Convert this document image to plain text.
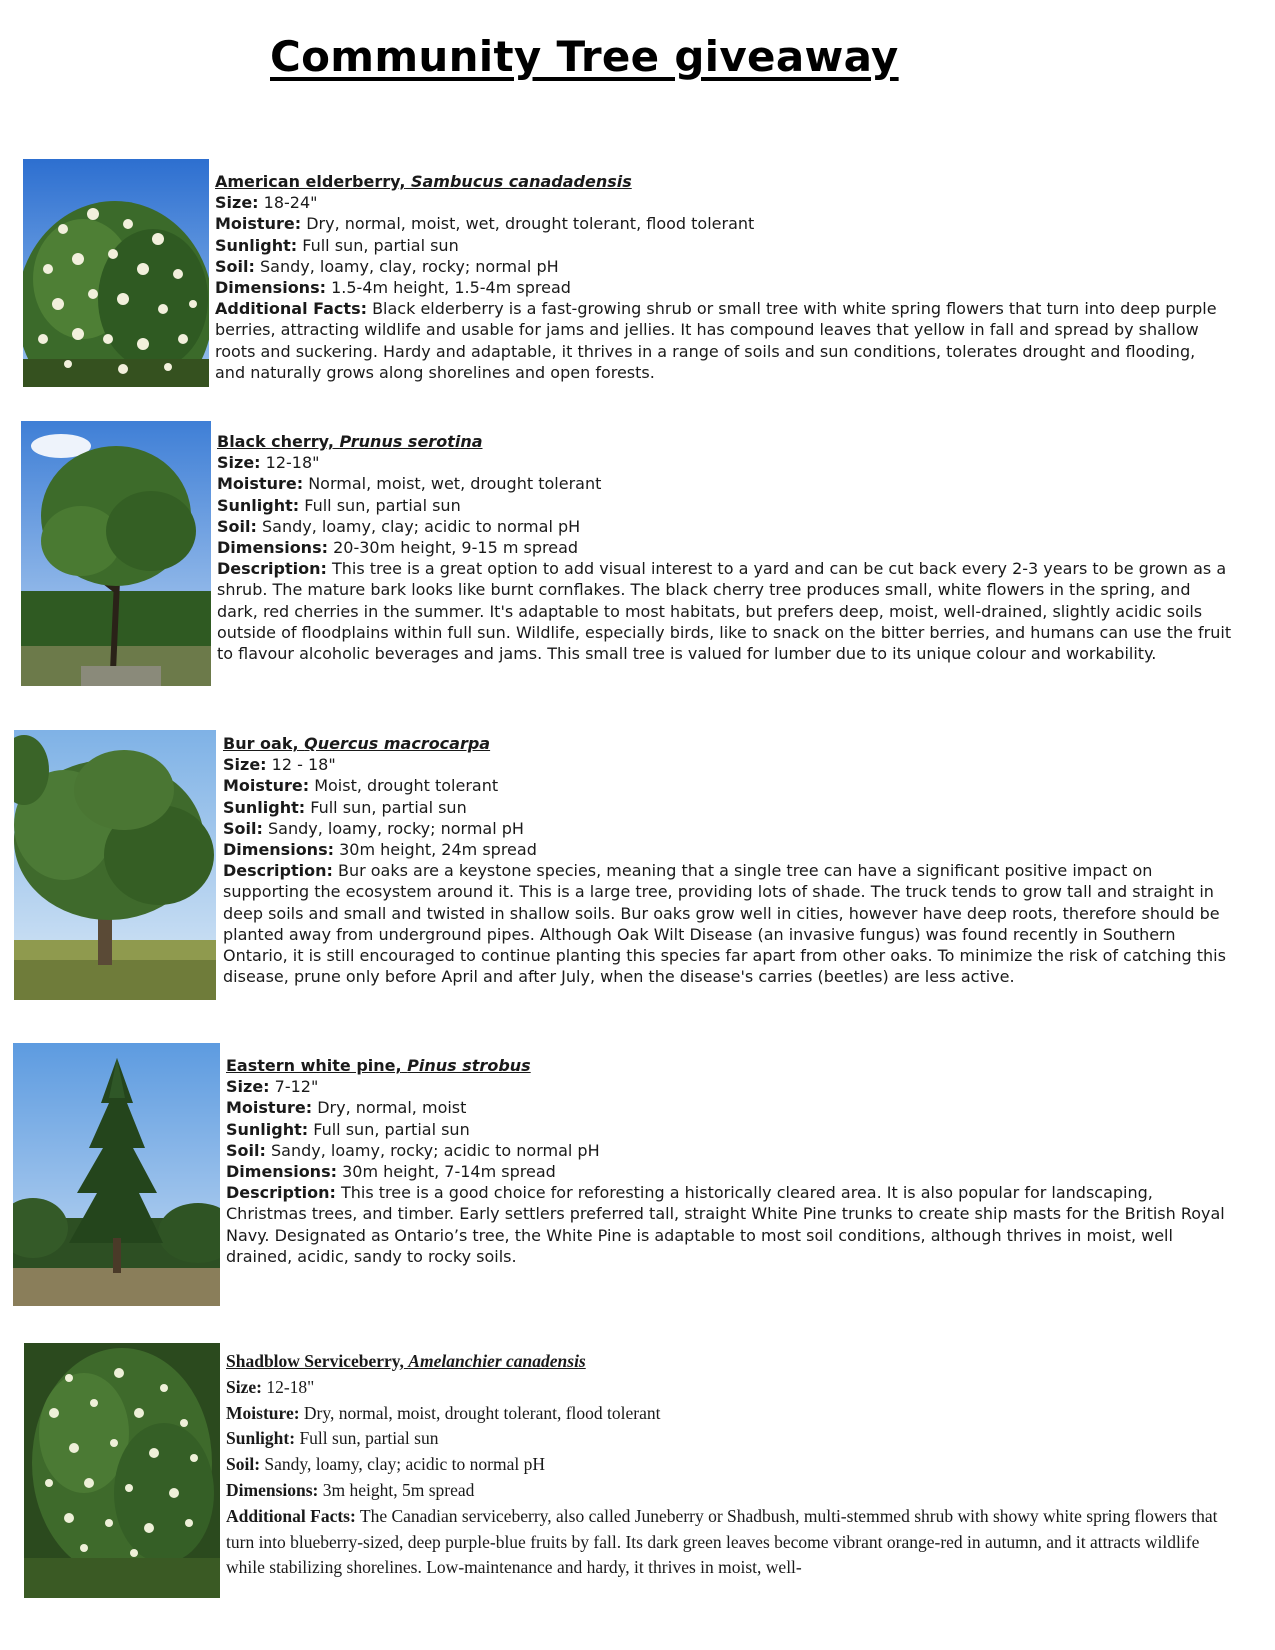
Community Tree giveaway
American elderberry, Sambucus canadadensis
Size: 18-24"
Moisture: Dry, normal, moist, wet, drought tolerant, flood tolerant
Sunlight: Full sun, partial sun
Soil: Sandy, loamy, clay, rocky; normal pH
Dimensions: 1.5-4m height, 1.5-4m spread
Additional Facts: Black elderberry is a fast-growing shrub or small tree with white spring flowers that turn into deep purple berries, attracting wildlife and usable for jams and jellies. It has compound leaves that yellow in fall and spread by shallow roots and suckering. Hardy and adaptable, it thrives in a range of soils and sun conditions, tolerates drought and flooding, and naturally grows along shorelines and open forests.
Black cherry, Prunus serotina
Size: 12-18"
Moisture: Normal, moist, wet, drought tolerant
Sunlight: Full sun, partial sun
Soil: Sandy, loamy, clay; acidic to normal pH
Dimensions: 20-30m height, 9-15 m spread
Description: This tree is a great option to add visual interest to a yard and can be cut back every 2-3 years to be grown as a shrub. The mature bark looks like burnt cornflakes. The black cherry tree produces small, white flowers in the spring, and dark, red cherries in the summer. It's adaptable to most habitats, but prefers deep, moist, well-drained, slightly acidic soils outside of floodplains within full sun. Wildlife, especially birds, like to snack on the bitter berries, and humans can use the fruit to flavour alcoholic beverages and jams. This small tree is valued for lumber due to its unique colour and workability.
Bur oak, Quercus macrocarpa
Size: 12 - 18"
Moisture: Moist, drought tolerant
Sunlight: Full sun, partial sun
Soil: Sandy, loamy, rocky; normal pH
Dimensions: 30m height, 24m spread
Description: Bur oaks are a keystone species, meaning that a single tree can have a significant positive impact on supporting the ecosystem around it. This is a large tree, providing lots of shade. The truck tends to grow tall and straight in deep soils and small and twisted in shallow soils. Bur oaks grow well in cities, however have deep roots, therefore should be planted away from underground pipes. Although Oak Wilt Disease (an invasive fungus) was found recently in Southern Ontario, it is still encouraged to continue planting this species far apart from other oaks. To minimize the risk of catching this disease, prune only before April and after July, when the disease's carries (beetles) are less active.
Eastern white pine, Pinus strobus
Size: 7-12"
Moisture: Dry, normal, moist
Sunlight: Full sun, partial sun
Soil: Sandy, loamy, rocky; acidic to normal pH
Dimensions: 30m height, 7-14m spread
Description: This tree is a good choice for reforesting a historically cleared area. It is also popular for landscaping, Christmas trees, and timber. Early settlers preferred tall, straight White Pine trunks to create ship masts for the British Royal Navy. Designated as Ontario’s tree, the White Pine is adaptable to most soil conditions, although thrives in moist, well drained, acidic, sandy to rocky soils.
Shadblow Serviceberry, Amelanchier canadensis
Size: 12-18"
Moisture: Dry, normal, moist, drought tolerant, flood tolerant
Sunlight: Full sun, partial sun
Soil: Sandy, loamy, clay; acidic to normal pH
Dimensions: 3m height, 5m spread
Additional Facts: The Canadian serviceberry, also called Juneberry or Shadbush, multi-stemmed shrub with showy white spring flowers that turn into blueberry-sized, deep purple-blue fruits by fall. Its dark green leaves become vibrant orange-red in autumn, and it attracts wildlife while stabilizing shorelines. Low-maintenance and hardy, it thrives in moist, well-
